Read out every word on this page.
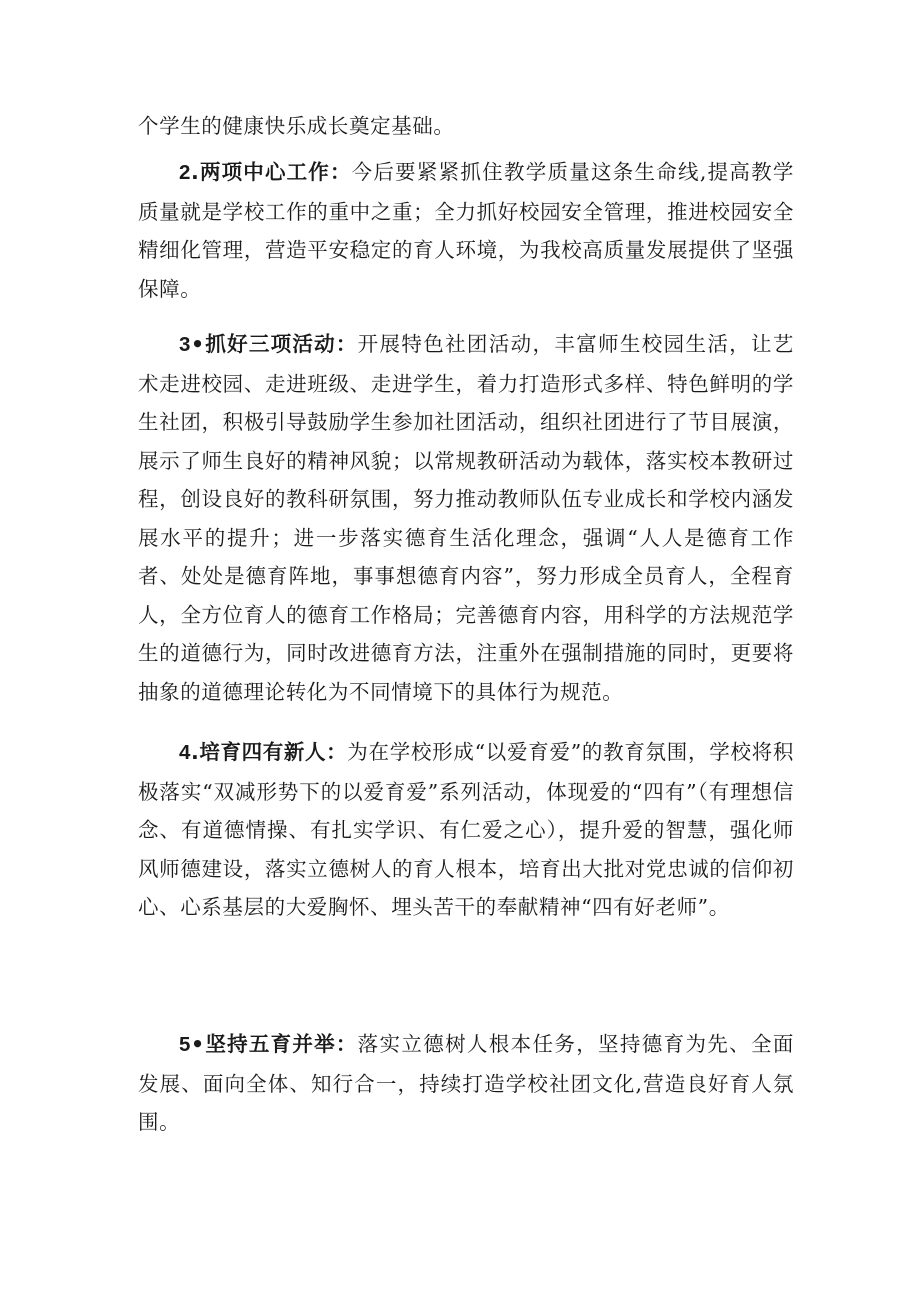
个学生的健康快乐成长奠定基础。

2.两项中心工作：今后要紧紧抓住教学质量这条生命线,提高教学质量就是学校工作的重中之重；全力抓好校园安全管理，推进校园安全精细化管理，营造平安稳定的育人环境，为我校高质量发展提供了坚强保障。

3•抓好三项活动：开展特色社团活动，丰富师生校园生活，让艺术走进校园、走进班级、走进学生，着力打造形式多样、特色鲜明的学生社团，积极引导鼓励学生参加社团活动，组织社团进行了节目展演，展示了师生良好的精神风貌；以常规教研活动为载体，落实校本教研过程，创设良好的教科研氛围，努力推动教师队伍专业成长和学校内涵发展水平的提升；进一步落实德育生活化理念，强调“人人是德育工作者、处处是德育阵地，事事想德育内容”，努力形成全员育人，全程育人，全方位育人的德育工作格局；完善德育内容，用科学的方法规范学生的道德行为，同时改进德育方法，注重外在强制措施的同时，更要将抽象的道德理论转化为不同情境下的具体行为规范。

4.培育四有新人：为在学校形成“以爱育爱”的教育氛围，学校将积极落实“双减形势下的以爱育爱”系列活动，体现爱的“四有”（有理想信念、有道德情操、有扎实学识、有仁爱之心），提升爱的智慧，强化师风师德建设，落实立德树人的育人根本，培育出大批对党忠诚的信仰初心、心系基层的大爱胸怀、埋头苦干的奉献精神“四有好老师”。

5•坚持五育并举：落实立德树人根本任务，坚持德育为先、全面发展、面向全体、知行合一，持续打造学校社团文化,营造良好育人氛围。
